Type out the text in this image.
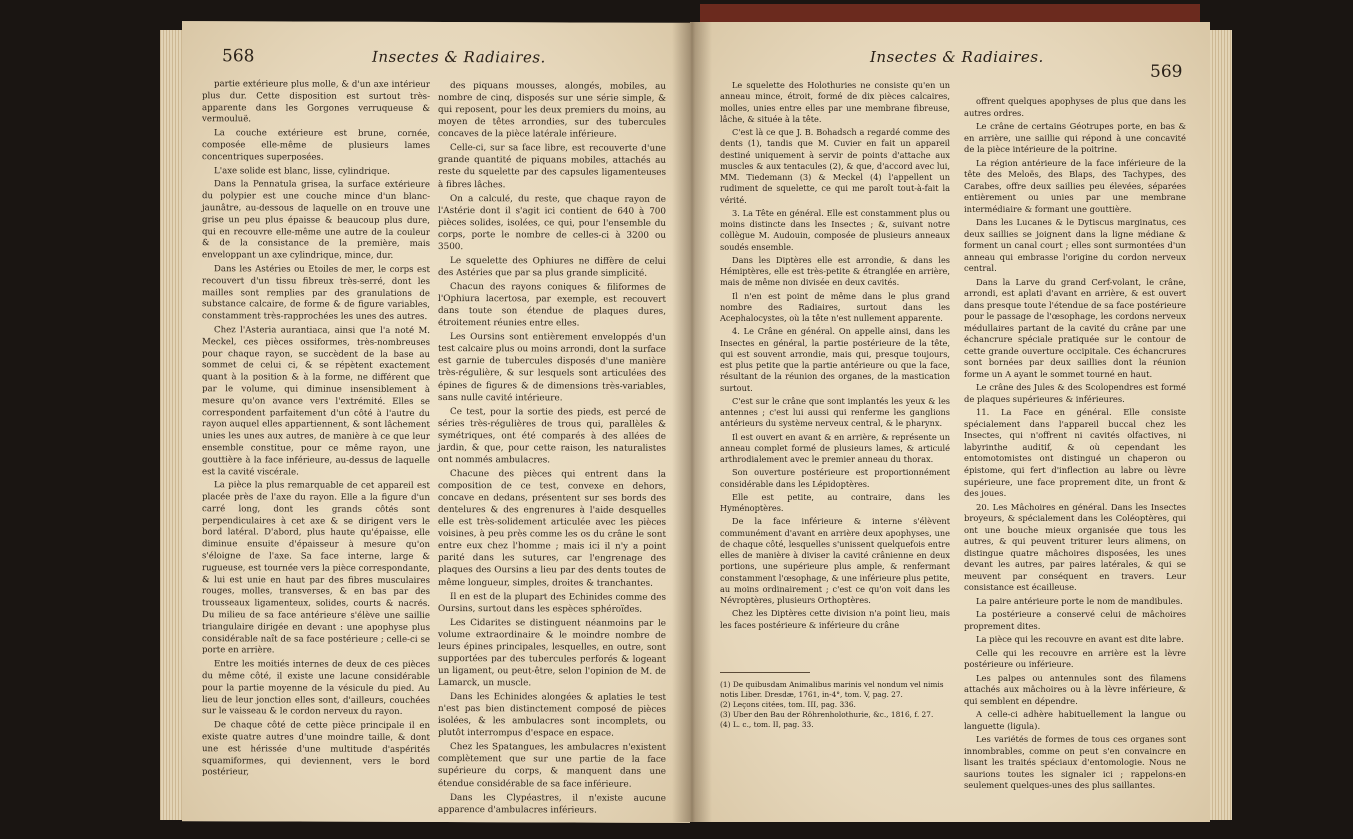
568	Insectes & Radiaires.

partie extérieure plus molle, & d'un axe intérieur plus dur. Cette disposition est surtout très-apparente dans les Gorgones verruqueuse & vermouluë.

La couche extérieure est brune, cornée, composée elle-même de plusieurs lames concentriques superposées.

L'axe solide est blanc, lisse, cylindrique.

Dans la Pennatula grisea, la surface extérieure du polypier est une couche mince d'un blanc-jaunâtre, au-dessous de laquelle on en trouve une grise un peu plus épaisse & beaucoup plus dure, qui en recouvre elle-même une autre de la couleur & de la consistance de la première, mais enveloppant un axe cylindrique, mince, dur.

Dans les Astéries ou Etoiles de mer, le corps est recouvert d'un tissu fibreux très-serré, dont les mailles sont remplies par des granulations de substance calcaire, de forme & de figure variables, constamment très-rapprochées les unes des autres.

Chez l'Asteria aurantiaca, ainsi que l'a noté M. Meckel, ces pièces ossiformes, très-nombreuses pour chaque rayon, se succèdent de la base au sommet de celui ci, & se répètent exactement quant à la position & à la forme, ne différent que par le volume, qui diminue insensiblement à mesure qu'on avance vers l'extrémité. Elles se correspondent parfaitement d'un côté à l'autre du rayon auquel elles appartiennent, & sont lâchement unies les unes aux autres, de manière à ce que leur ensemble constitue, pour ce même rayon, une gouttière à la face inférieure, au-dessus de laquelle est la cavité viscérale.

La pièce la plus remarquable de cet appareil est placée près de l'axe du rayon. Elle a la figure d'un carré long, dont les grands côtés sont perpendiculaires à cet axe & se dirigent vers le bord latéral. D'abord, plus haute qu'épaisse, elle diminue ensuite d'épaisseur à mesure qu'on s'éloigne de l'axe. Sa face interne, large & rugueuse, est tournée vers la pièce correspondante, & lui est unie en haut par des fibres musculaires rouges, molles, transverses, & en bas par des trousseaux ligamenteux, solides, courts & nacrés. Du milieu de sa face antérieure s'élève une saillie triangulaire dirigée en devant : une apophyse plus considérable naît de sa face postérieure ; celle-ci se porte en arrière.

Entre les moitiés internes de deux de ces pièces du même côté, il existe une lacune considérable pour la partie moyenne de la vésicule du pied. Au lieu de leur jonction elles sont, d'ailleurs, couchées sur le vaisseau & le cordon nerveux du rayon.

De chaque côté de cette pièce principale il en existe quatre autres d'une moindre taille, & dont une est hérissée d'une multitude d'aspérités squamiformes, qui deviennent, vers le bord postérieur,

des piquans mousses, alongés, mobiles, au nombre de cinq, disposés sur une série simple, & qui reposent, pour les deux premiers du moins, au moyen de têtes arrondies, sur des tubercules concaves de la pièce latérale inférieure.

Celle-ci, sur sa face libre, est recouverte d'une grande quantité de piquans mobiles, attachés au reste du squelette par des capsules ligamenteuses à fibres lâches.

On a calculé, du reste, que chaque rayon de l'Astérie dont il s'agit ici contient de 640 à 700 pièces solides, isolées, ce qui, pour l'ensemble du corps, porte le nombre de celles-ci à 3200 ou 3500.

Le squelette des Ophiures ne diffère de celui des Astéries que par sa plus grande simplicité.

Chacun des rayons coniques & filiformes de l'Ophiura lacertosa, par exemple, est recouvert dans toute son étendue de plaques dures, étroitement réunies entre elles.

Les Oursins sont entièrement enveloppés d'un test calcaire plus ou moins arrondi, dont la surface est garnie de tubercules disposés d'une manière très-régulière, & sur lesquels sont articulées des épines de figures & de dimensions très-variables, sans nulle cavité intérieure.

Ce test, pour la sortie des pieds, est percé de séries très-régulières de trous qui, parallèles & symétriques, ont été comparés à des allées de jardin, & que, pour cette raison, les naturalistes ont nommés ambulacres.

Chacune des pièces qui entrent dans la composition de ce test, convexe en dehors, concave en dedans, présentent sur ses bords des dentelures & des engrenures à l'aide desquelles elle est très-solidement articulée avec les pièces voisines, à peu près comme les os du crâne le sont entre eux chez l'homme ; mais ici il n'y a point parité dans les sutures, car l'engrenage des plaques des Oursins a lieu par des dents toutes de même longueur, simples, droites & tranchantes.

Il en est de la plupart des Echinides comme des Oursins, surtout dans les espèces sphéroïdes.

Les Cidarites se distinguent néanmoins par le volume extraordinaire & le moindre nombre de leurs épines principales, lesquelles, en outre, sont supportées par des tubercules perforés & logeant un ligament, ou peut-être, selon l'opinion de M. de Lamarck, un muscle.

Dans les Echinides alongées & aplaties le test n'est pas bien distinctement composé de pièces isolées, & les ambulacres sont incomplets, ou plutôt interrompus d'espace en espace.

Chez les Spatangues, les ambulacres n'existent complètement que sur une partie de la face supérieure du corps, & manquent dans une étendue considérable de sa face inférieure.

Dans les Clypéastres, il n'existe aucune apparence d'ambulacres inférieurs.

Insectes & Radiaires.
569

Le squelette des Holothuries ne consiste qu'en un anneau mince, étroit, formé de dix pièces calcaires, molles, unies entre elles par une membrane fibreuse, lâche, & située à la tête.

C'est là ce que J. B. Bohadsch a regardé comme des dents (1), tandis que M. Cuvier en fait un appareil destiné uniquement à servir de points d'attache aux muscles & aux tentacules (2), & que, d'accord avec lui, MM. Tiedemann (3) & Meckel (4) l'appellent un rudiment de squelette, ce qui me paroît tout-à-fait la vérité.

3. La Tête en général. Elle est constamment plus ou moins distincte dans les Insectes ; &, suivant notre collègue M. Audouin, composée de plusieurs anneaux soudés ensemble.

Dans les Diptères elle est arrondie, & dans les Hémiptères, elle est très-petite & étranglée en arrière, mais de même non divisée en deux cavités.

Il n'en est point de même dans le plus grand nombre des Radiaires, surtout dans les Acephalocystes, où la tête n'est nullement apparente.

4. Le Crâne en général. On appelle ainsi, dans les Insectes en général, la partie postérieure de la tête, qui est souvent arrondie, mais qui, presque toujours, est plus petite que la partie antérieure ou que la face, résultant de la réunion des organes, de la mastication surtout.

C'est sur le crâne que sont implantés les yeux & les antennes ; c'est lui aussi qui renferme les ganglions antérieurs du système nerveux central, & le pharynx.

Il est ouvert en avant & en arrière, & représente un anneau complet formé de plusieurs lames, & articulé arthrodialement avec le premier anneau du thorax.

Son ouverture postérieure est proportionnément considérable dans les Lépidoptères.

Elle est petite, au contraire, dans les Hyménoptères.

De la face inférieure & interne s'élèvent communément d'avant en arrière deux apophyses, une de chaque côté, lesquelles s'unissent quelquefois entre elles de manière à diviser la cavité crânienne en deux portions, une supérieure plus ample, & renfermant constamment l'œsophage, & une inférieure plus petite, au moins ordinairement ; c'est ce qu'on voit dans les Névroptères, plusieurs Orthoptères.

Chez les Diptères cette division n'a point lieu, mais les faces postérieure & inférieure du crâne

(1) De quibusdam Animalibus marinis vel nondum vel nimis notis Liber. Dresdæ, 1761, in-4°, tom. V, pag. 27.

(2) Leçons citées, tom. III, pag. 336.

(3) Uber den Bau der Röhrenholothurie, &c., 1816, f. 27.

(4) L. c., tom. II, pag. 33.

offrent quelques apophyses de plus que dans les autres ordres.

Le crâne de certains Géotrupes porte, en bas & en arrière, une saillie qui répond à une concavité de la pièce intérieure de la poitrine.

La région antérieure de la face inférieure de la tête des Meloës, des Blaps, des Tachypes, des Carabes, offre deux saillies peu élevées, séparées entièrement ou unies par une membrane intermédiaire & formant une gouttière.

Dans les Lucanes & le Dytiscus marginatus, ces deux saillies se joignent dans la ligne médiane & forment un canal court ; elles sont surmontées d'un anneau qui embrasse l'origine du cordon nerveux central.

Dans la Larve du grand Cerf-volant, le crâne, arrondi, est aplati d'avant en arrière, & est ouvert dans presque toute l'étendue de sa face postérieure pour le passage de l'œsophage, les cordons nerveux médullaires partant de la cavité du crâne par une échancrure spéciale pratiquée sur le contour de cette grande ouverture occipitale. Ces échancrures sont bornées par deux saillies dont la réunion forme un A ayant le sommet tourné en haut.

Le crâne des Jules & des Scolopendres est formé de plaques supérieures & inférieures.

11. La Face en général. Elle consiste spécialement dans l'appareil buccal chez les Insectes, qui n'offrent ni cavités olfactives, ni labyrinthe auditif, & où cependant les entomotomistes ont distingué un chaperon ou épistome, qui fert d'inflection au labre ou lèvre supérieure, une face proprement dite, un front & des joues.

20. Les Mâchoires en général. Dans les Insectes broyeurs, & spécialement dans les Coléoptères, qui ont une bouche mieux organisée que tous les autres, & qui peuvent triturer leurs alimens, on distingue quatre mâchoires disposées, les unes devant les autres, par paires latérales, & qui se meuvent par conséquent en travers. Leur consistance est écailleuse.

La paire antérieure porte le nom de mandibules.

La postérieure a conservé celui de mâchoires proprement dites.

La pièce qui les recouvre en avant est dite labre.

Celle qui les recouvre en arrière est la lèvre postérieure ou inférieure.

Les palpes ou antennules sont des filamens attachés aux mâchoires ou à la lèvre inférieure, & qui semblent en dépendre.

A celle-ci adhère habituellement la langue ou languette (ligula).

Les variétés de formes de tous ces organes sont innombrables, comme on peut s'en convaincre en lisant les traités spéciaux d'entomologie. Nous ne saurions toutes les signaler ici ; rappelons-en seulement quelques-unes des plus saillantes.
